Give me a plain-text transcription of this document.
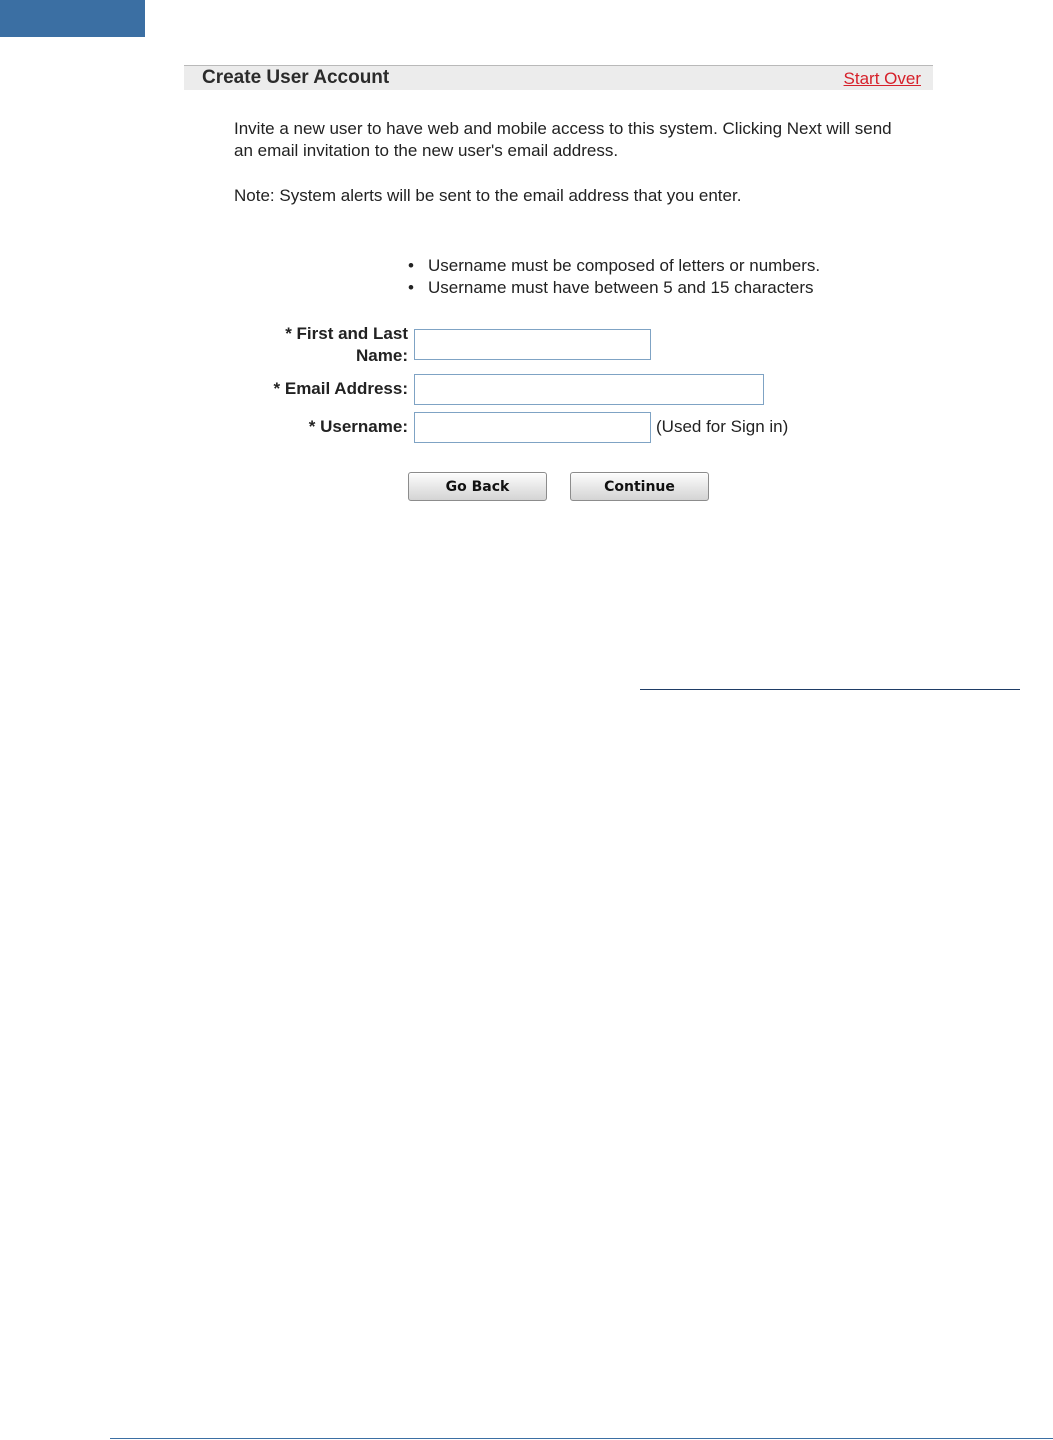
Create User Account	Start Over

Invite a new user to have web and mobile access to this system. Clicking Next will send an email invitation to the new user's email address.

Note: System alerts will be sent to the email address that you enter.

• Username must be composed of letters or numbers.
• Username must have between 5 and 15 characters
* First and Last Name:
* Email Address:
* Username:	(Used for Sign in)
Go Back	Continue
